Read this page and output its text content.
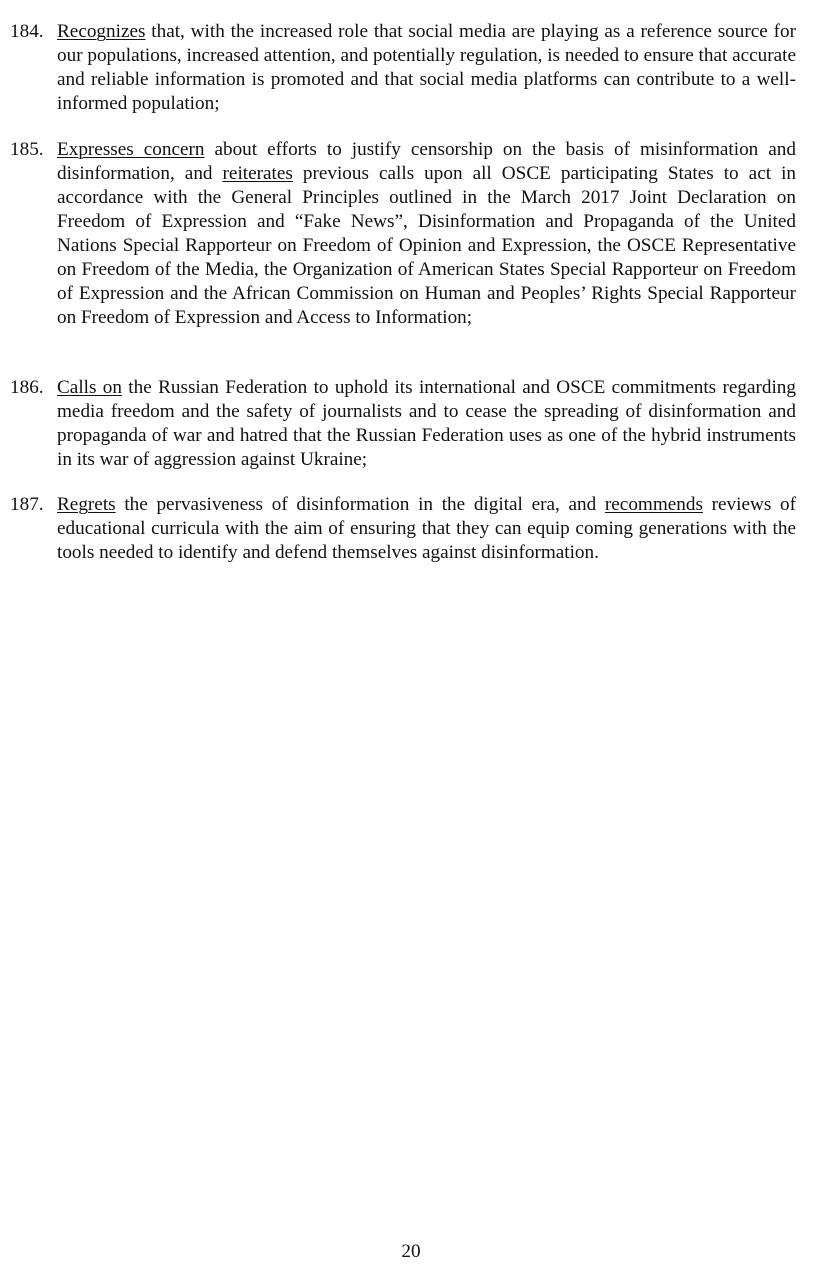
184. Recognizes that, with the increased role that social media are playing as a reference source for our populations, increased attention, and potentially regulation, is needed to ensure that accurate and reliable information is promoted and that social media platforms can contribute to a well-informed population;
185. Expresses concern about efforts to justify censorship on the basis of misinformation and disinformation, and reiterates previous calls upon all OSCE participating States to act in accordance with the General Principles outlined in the March 2017 Joint Declaration on Freedom of Expression and “Fake News”, Disinformation and Propaganda of the United Nations Special Rapporteur on Freedom of Opinion and Expression, the OSCE Representative on Freedom of the Media, the Organization of American States Special Rapporteur on Freedom of Expression and the African Commission on Human and Peoples’ Rights Special Rapporteur on Freedom of Expression and Access to Information;
186. Calls on the Russian Federation to uphold its international and OSCE commitments regarding media freedom and the safety of journalists and to cease the spreading of disinformation and propaganda of war and hatred that the Russian Federation uses as one of the hybrid instruments in its war of aggression against Ukraine;
187. Regrets the pervasiveness of disinformation in the digital era, and recommends reviews of educational curricula with the aim of ensuring that they can equip coming generations with the tools needed to identify and defend themselves against disinformation.
20
